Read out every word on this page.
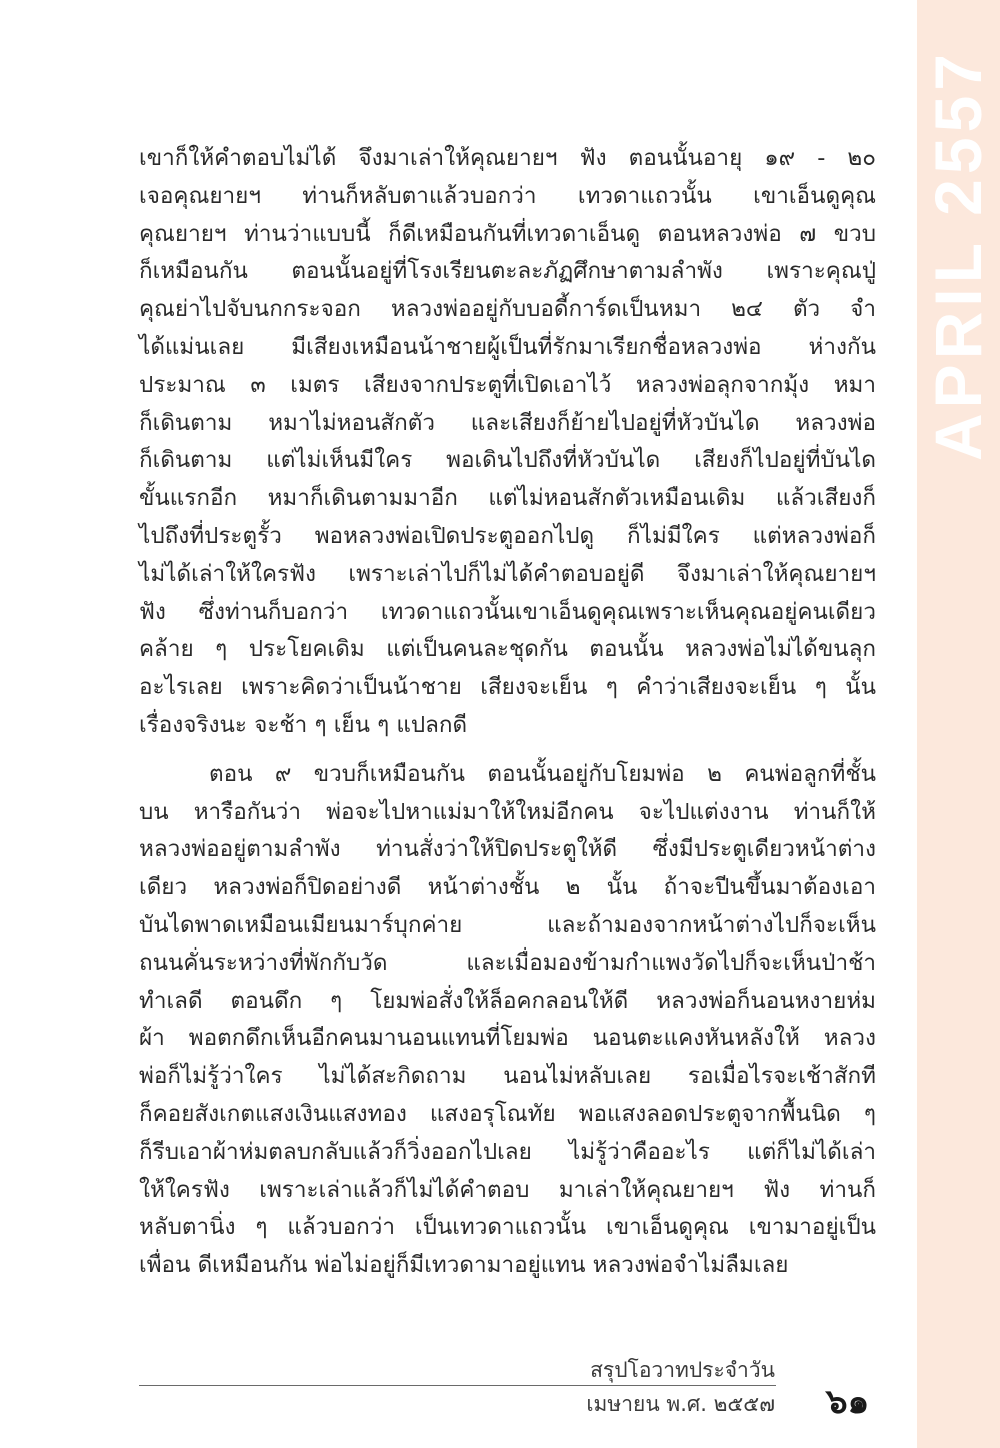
APRIL 2557

เขาก็ให้คำตอบไม่ได้ จึงมาเล่าให้คุณยายฯ ฟัง ตอนนั้นอายุ ๑๙ - ๒๐
เจอคุณยายฯ ท่านก็หลับตาแล้วบอกว่า เทวดาแถวนั้น เขาเอ็นดูคุณ
คุณยายฯ ท่านว่าแบบนี้ ก็ดีเหมือนกันที่เทวดาเอ็นดู ตอนหลวงพ่อ ๗ ขวบ
ก็เหมือนกัน ตอนนั้นอยู่ที่โรงเรียนตะละภัฏศึกษาตามลำพัง เพราะคุณปู่
คุณย่าไปจับนกกระจอก หลวงพ่ออยู่กับบอดี้การ์ดเป็นหมา ๒๔ ตัว จำ
ได้แม่นเลย มีเสียงเหมือนน้าชายผู้เป็นที่รักมาเรียกชื่อหลวงพ่อ ห่างกัน
ประมาณ ๓ เมตร เสียงจากประตูที่เปิดเอาไว้ หลวงพ่อลุกจากมุ้ง หมา
ก็เดินตาม หมาไม่หอนสักตัว และเสียงก็ย้ายไปอยู่ที่หัวบันได หลวงพ่อ
ก็เดินตาม แต่ไม่เห็นมีใคร พอเดินไปถึงที่หัวบันได เสียงก็ไปอยู่ที่บันได
ขั้นแรกอีก หมาก็เดินตามมาอีก แต่ไม่หอนสักตัวเหมือนเดิม แล้วเสียงก็
ไปถึงที่ประตูรั้ว พอหลวงพ่อเปิดประตูออกไปดู ก็ไม่มีใคร แต่หลวงพ่อก็
ไม่ได้เล่าให้ใครฟัง เพราะเล่าไปก็ไม่ได้คำตอบอยู่ดี จึงมาเล่าให้คุณยายฯ
ฟัง ซึ่งท่านก็บอกว่า เทวดาแถวนั้นเขาเอ็นดูคุณเพราะเห็นคุณอยู่คนเดียว
คล้าย ๆ ประโยคเดิม แต่เป็นคนละชุดกัน ตอนนั้น หลวงพ่อไม่ได้ขนลุก
อะไรเลย เพราะคิดว่าเป็นน้าชาย เสียงจะเย็น ๆ คำว่าเสียงจะเย็น ๆ นั้น
เรื่องจริงนะ จะช้า ๆ เย็น ๆ แปลกดี

ตอน ๙ ขวบก็เหมือนกัน ตอนนั้นอยู่กับโยมพ่อ ๒ คนพ่อลูกที่ชั้น
บน หารือกันว่า พ่อจะไปหาแม่มาให้ใหม่อีกคน จะไปแต่งงาน ท่านก็ให้
หลวงพ่ออยู่ตามลำพัง ท่านสั่งว่าให้ปิดประตูให้ดี ซึ่งมีประตูเดียวหน้าต่าง
เดียว หลวงพ่อก็ปิดอย่างดี หน้าต่างชั้น ๒ นั้น ถ้าจะปีนขึ้นมาต้องเอา
บันไดพาดเหมือนเมียนมาร์บุกค่าย และถ้ามองจากหน้าต่างไปก็จะเห็น
ถนนคั่นระหว่างที่พักกับวัด และเมื่อมองข้ามกำแพงวัดไปก็จะเห็นป่าช้า
ทำเลดี ตอนดึก ๆ โยมพ่อสั่งให้ล็อคกลอนให้ดี หลวงพ่อก็นอนหงายห่ม
ผ้า พอตกดึกเห็นอีกคนมานอนแทนที่โยมพ่อ นอนตะแคงหันหลังให้ หลวง
พ่อก็ไม่รู้ว่าใคร ไม่ได้สะกิดถาม นอนไม่หลับเลย รอเมื่อไรจะเช้าสักที
ก็คอยสังเกตแสงเงินแสงทอง แสงอรุโณทัย พอแสงลอดประตูจากพื้นนิด ๆ
ก็รีบเอาผ้าห่มตลบกลับแล้วก็วิ่งออกไปเลย ไม่รู้ว่าคืออะไร แต่ก็ไม่ได้เล่า
ให้ใครฟัง เพราะเล่าแล้วก็ไม่ได้คำตอบ มาเล่าให้คุณยายฯ ฟัง ท่านก็
หลับตานิ่ง ๆ แล้วบอกว่า เป็นเทวดาแถวนั้น เขาเอ็นดูคุณ เขามาอยู่เป็น
เพื่อน ดีเหมือนกัน พ่อไม่อยู่ก็มีเทวดามาอยู่แทน หลวงพ่อจำไม่ลืมเลย

สรุปโอวาทประจำวัน
เมษายน พ.ศ. ๒๕๕๗ ๖๑
